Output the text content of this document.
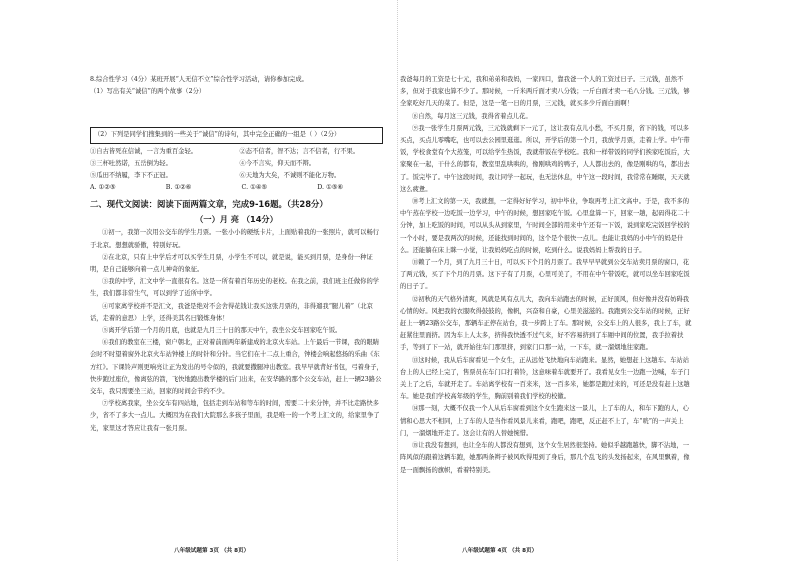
8.综合性学习（4分）某班开展“人无信不立”综合性学习活动，请你参加完成。

（1）写出有关“诚信”的两个故事（2分）

（2）下列是同学们搜集到的一些关于“诚信”的诗句，其中完全正确的一组是（ ）（2分）

①自古皆死在信诚，一言为重百金轻。	②态不信者，智不达；言不信者，行不果。

③三杯吐然诺，五岳倒为轻。	④今不言实，仰天而不辩。

⑤瓜田不纳履，李下不正冠。	⑥天地为大矣，不诚则不能化万物。

A. ①②⑤	B. ①②⑥	C. ①④⑤	D. ①⑤⑥

二、现代文阅读：阅读下面两篇文章，完成9-16题。（共28分）

（一）月 亮 （14分）

①初一，我第一次用公交车的学生月票。一张小小的硬纸卡片，上面贴着我的一张照片，就可以畅行于北京。想想就骄傲，特别好玩。

②在北京，只有上中学后才可以买学生月票，小学生不可以，就是说，能买到月票，是身份一种证明，是自己能够向着一点儿神奇的象征。

③我的中学，汇文中学一直很有名。这是一所有着百年历史的老校。在我之前，我们班主任做你的学生，我们都非常生气，可以到学了近所中学。

④可家离学校并不是汇文，我爸是绝对不会舍得花钱让我买这张月票的，非得遛我“腿儿着”（北京话，走着的意思）上学，还得美其名曰锻炼身体！

⑤离开学后第一个月的月底，也就是九月三十日的那天中午，我坐公交车回家吃午饭。

⑥我们的教室在三楼，窗户朝北，正对着前面两年新建成的北京火车站。上午最后一节课，我的眼睛会时不时望着窗外北京火车站钟楼上的时针和分针。当它们在十二点上重合，钟楼会响起悠扬的乐曲《东方红》。下课铃声则更响亮让正为发出的号令似的，我就要撒腿冲出教室。我早早就背好书包，弓着身子，快步跑过座位，像离弦的箭，飞快地跑出教学楼的后门出来，在安华路的那个公交车站，赶上一辆23路公交车，我只需要坐三站，回家的时间会节约不少。

⑦学校离我家，坐公交车有四站地，包括走到车站和等车的时间，需要二十来分钟，并不比走路快多少，省不了多大一点儿。大概因为在我们大院那么多孩子里面，我是唯一的一个考上汇文的，给家里争了光，家里这才答应让我有一张月票。

我爸每月的工资是七十元，我和弟弟和我妈，一家四口，靠我爸一个人的工资过日子。三元钱，虽然不多，但对于我家也算不少了。那时候，一斤米两斤面才卖八分钱；一斤白面才卖一毛八分钱。三元钱，够全家吃好几天的菜了。但是，这是一笔一日的月票，三元钱，就买多少斤面白面啊！

⑧自然，每月这三元钱，我得省着点儿花。

⑨我一张学生月票两元钱，三元钱就剩下一元了，这让我有点儿小愁，不买月票，省下的钱，可以多买点，买点儿零嘴吃，也可以去公园里逛逛。所以，开学后的第一个月，我放学月票，走着上学。中午带饭，学校食堂有个大蒸笼，可以给学生热饭，我就带饭在学校吃。我和一样带饭的同学们挨家吃饭后，大家聚在一起，干什么的都有，教室里乱哄哄的，像刚哄鸡的鸭子，人人都出去的，像是刚哄的鸟，都出去了。饭完毕了。中午这段时间，我让同学一起玩，也无法休息，中午这一段时间，我常常在睡眠，天天就这么疲惫。

⑩考上汇文的第一天，我就想，一定得好好学习，初中毕业，争取再考上汇文高中。于是，我不多的中午蒸在学校一边吃饭一边学习，中午的时候，想回家吃午饭。心里盘算一下，回家一趟，起码得花二十分钟，加上吃饭的时间，可以从头从到家里，午时间全部的用来中午还有一下饭，说到家吃完饭回学校的一个小时，要是我两次的时候，还能找到时间的，这个是个很快一点儿。也能让我妈的小中午的妈是什么。还能躺在床上眯一小觉，让我妈妈吃点的时候，吃到什么。说我妈妈上帮我的日子。

⑪赖了一个月，到了九月三十日，可以买下个月的月票了。我早早早就到公交车站卖月票的窗口，花了两元钱，买了下个月的月票。这下子有了月票，心里可美了，不用在中午带饭吃，就可以坐车回家吃饭的日子了。

⑫初秋的天气格外清爽，风就是风有点儿大，我向车站跑去的时候，正好顶风，但好像并没有妨碍我心情的好。风把我的衣服吹得鼓鼓的，像帆，兴奋和自豪，心里美滋滋的。我跑到公交车站的时候，正好赶上一辆23路公交车，那辆车正停在站台，我一步跨上了车。那时候，公交车上的人很多，我上了车，就赶紧往里面挤。因为车上人太多，挤得我快透不过气来，好不容易挤到了车厢中间的位置，我手拉着扶手，等到了下一站，就开始往车门那里挤，到家门口那一站，一下车，就一溜烟地往家跑。

⑬这时候，我从后车窗看见一个女生，正从远处飞快地向车站跑来。显然，她想赶上这趟车。车站站台上的人已经上完了，售票员在车门口打着铃，这意味着车就要开了。我看见女生一边跑一边喊，车子门关上了之后，车就开走了。车站离学校有一百来米，这一百多米，她都是跑过来的，可还是没有赶上这趟车。她是我们学校高年级的学生，胸前别着我们学校的校徽。

⑭那一刻，大概不仅我一个人从后车窗看到这个女生跑来这一景儿，上了车的人，和车下跑的人，心情和心思大不相同，上了车的人是当作看风景儿来看，跑吧，跑吧，反正赶不上了，车“咣”的一声关上门，一溜烟地开走了。这会让有的人替她惋惜。

⑮让我没有想到，也让全车的人都没有想到，这个女生居然很坚持。她似乎越跑越快，脚不沾地，一阵风似的跟着这辆车跑，她那两条辫子被风吹得甩到了身后，那几个乱飞的头发扬起来，在风里飘着，像是一面飘扬的旗帜，看着特别美。

八年级试题第 3页 （共 8页）	八年级试题第 4页 （共 8页）
